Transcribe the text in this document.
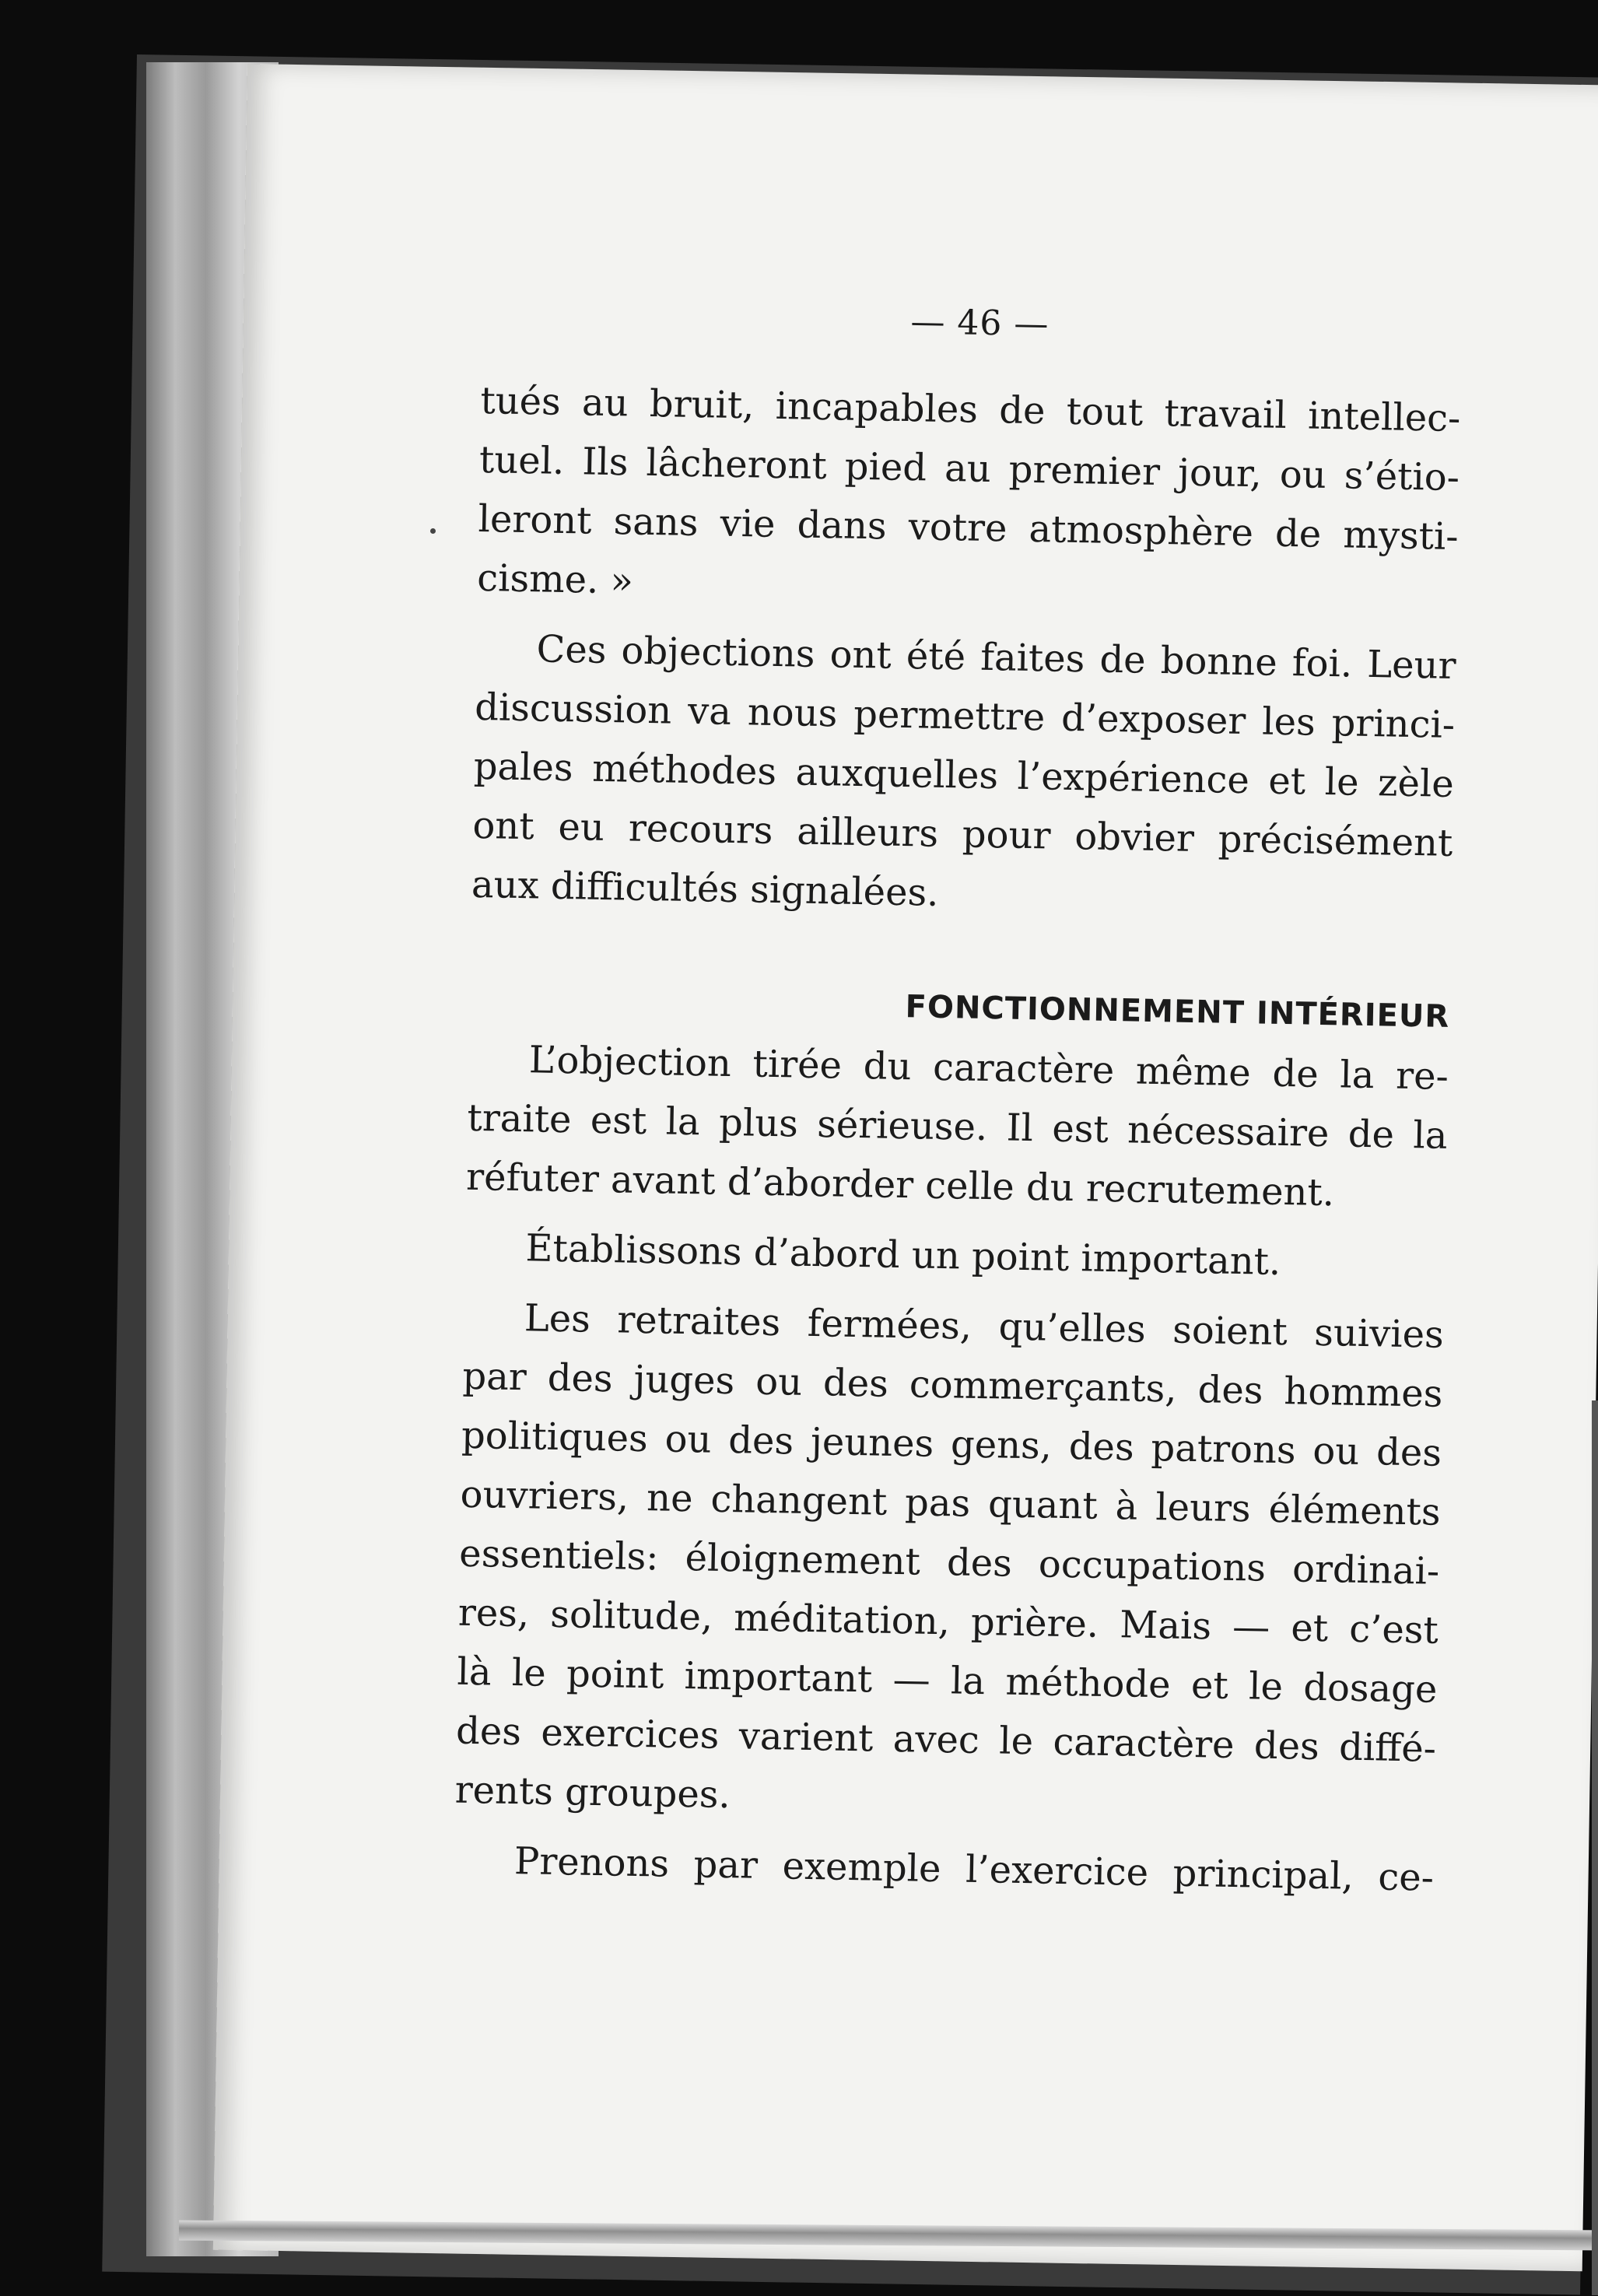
— 46 —
tués au bruit, incapables de tout travail intellec-
tuel. Ils lâcheront pied au premier jour, ou s’étio-
leront sans vie dans votre atmosphère de mysti-
cisme. »
Ces objections ont été faites de bonne foi. Leur
discussion va nous permettre d’exposer les princi-
pales méthodes auxquelles l’expérience et le zèle
ont eu recours ailleurs pour obvier précisément
aux difficultés signalées.
FONCTIONNEMENT INTÉRIEUR
L’objection tirée du caractère même de la re-
traite est la plus sérieuse. Il est nécessaire de la
réfuter avant d’aborder celle du recrutement.
Établissons d’abord un point important.
Les retraites fermées, qu’elles soient suivies
par des juges ou des commerçants, des hommes
politiques ou des jeunes gens, des patrons ou des
ouvriers, ne changent pas quant à leurs éléments
essentiels: éloignement des occupations ordinai-
res, solitude, méditation, prière. Mais — et c’est
là le point important — la méthode et le dosage
des exercices varient avec le caractère des diffé-
rents groupes.
Prenons par exemple l’exercice principal, ce-
